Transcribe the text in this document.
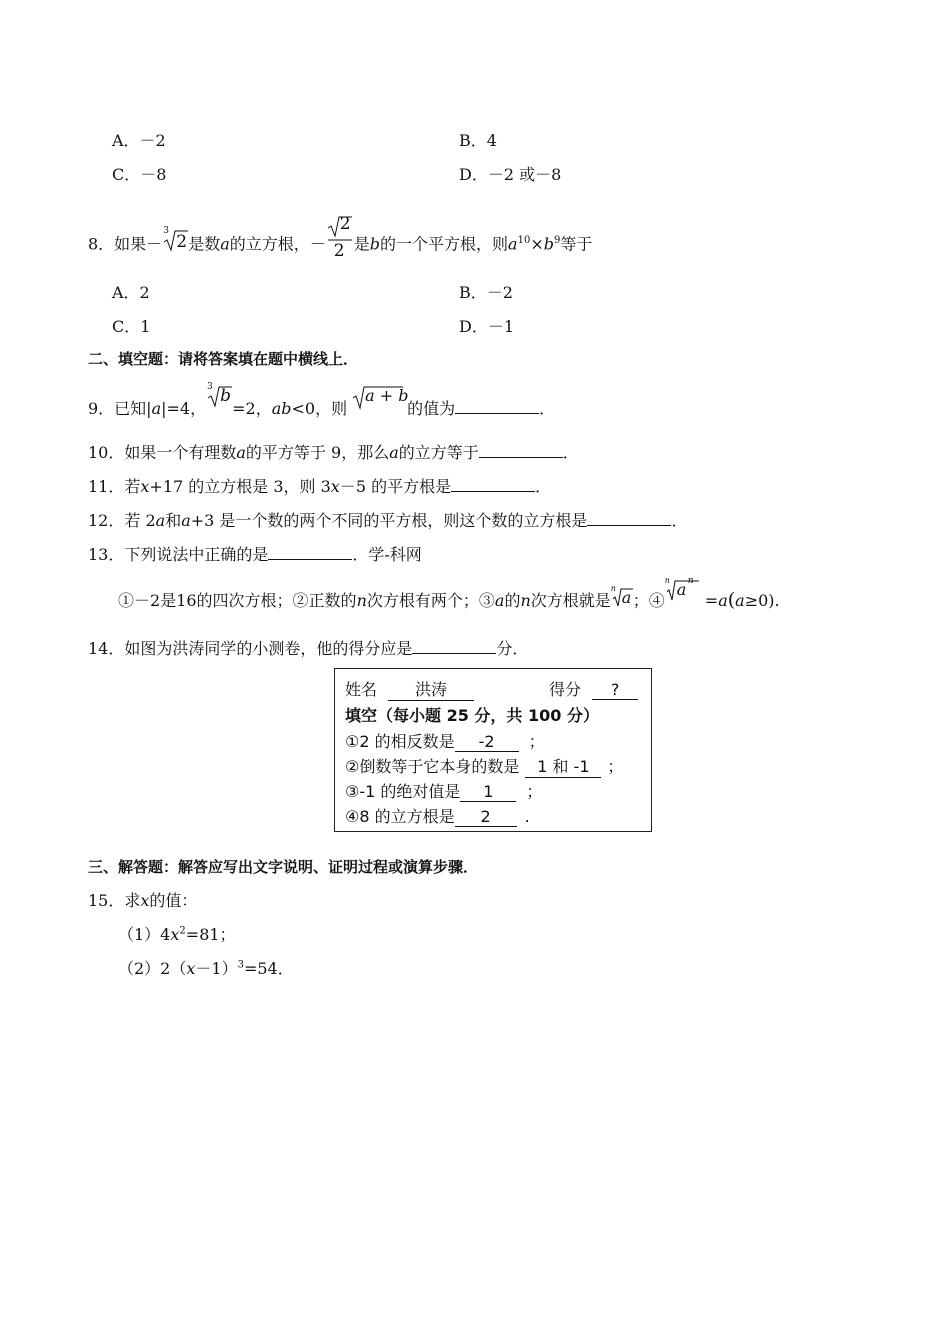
A．－2	B．4
C．－8	D．－2 或－8
8．如果－
3
2 是数a的立方根，－
2
2 是b的一个平方根，则$a^{10}\times b^9$等于
A．2	B．－2
C．1	D．－1
二、填空题：请将答案填在题中横线上．
9．已知|a|=4，
3 b
=2，ab<0，则
a + b
的值为	．
10．如果一个有理数a的平方等于 9，那么a的立方等于	．
11．若x+17 的立方根是 3，则 3x－5 的平方根是	．
12．若 2a和a+3 是一个数的两个不同的平方根，则这个数的立方根是	．
13．下列说法中正确的是	．学-科网
①－2是16的四次方根；②正数的n次方根有两个；③a的n次方根就是
n a ；④
n a n
=a(a≥0).
14．如图为洪涛同学的小测卷，他的得分应是	分．
姓名 洪涛	得分 ?
填空（每小题 25 分，共 100 分）
①2 的相反数是 -2 ；
②倒数等于它本身的数是 1 和 -1 ；
③-1 的绝对值是 1 ；
④8 的立方根是 2 .
三、解答题：解答应写出文字说明、证明过程或演算步骤．
15．求x的值：
$(1)4x^2=81$；
$(2)2(x-1)^3=54$．
